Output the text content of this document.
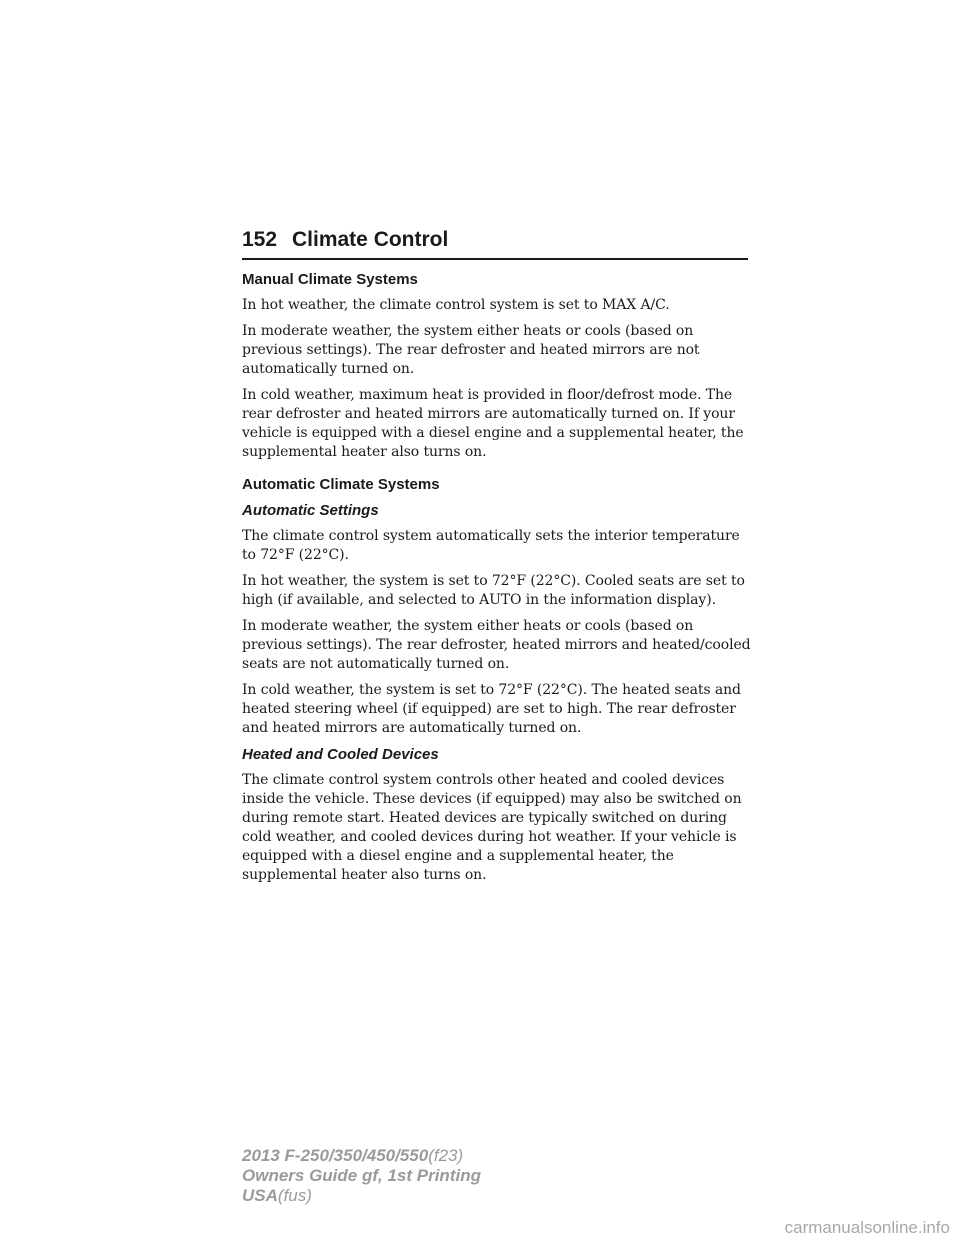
152 Climate Control
Manual Climate Systems

In hot weather, the climate control system is set to MAX A/C.

In moderate weather, the system either heats or cools (based on previous settings). The rear defroster and heated mirrors are not automatically turned on.

In cold weather, maximum heat is provided in floor/defrost mode. The rear defroster and heated mirrors are automatically turned on. If your vehicle is equipped with a diesel engine and a supplemental heater, the supplemental heater also turns on.

Automatic Climate Systems
Automatic Settings

The climate control system automatically sets the interior temperature to 72°F (22°C).

In hot weather, the system is set to 72°F (22°C). Cooled seats are set to high (if available, and selected to AUTO in the information display).

In moderate weather, the system either heats or cools (based on previous settings). The rear defroster, heated mirrors and heated/cooled seats are not automatically turned on.

In cold weather, the system is set to 72°F (22°C). The heated seats and heated steering wheel (if equipped) are set to high. The rear defroster and heated mirrors are automatically turned on.

Heated and Cooled Devices

The climate control system controls other heated and cooled devices inside the vehicle. These devices (if equipped) may also be switched on during remote start. Heated devices are typically switched on during cold weather, and cooled devices during hot weather. If your vehicle is equipped with a diesel engine and a supplemental heater, the supplemental heater also turns on.

2013 F-250/350/450/550(f23)
Owners Guide gf, 1st Printing
USA(fus)
carmanualsonline.info
